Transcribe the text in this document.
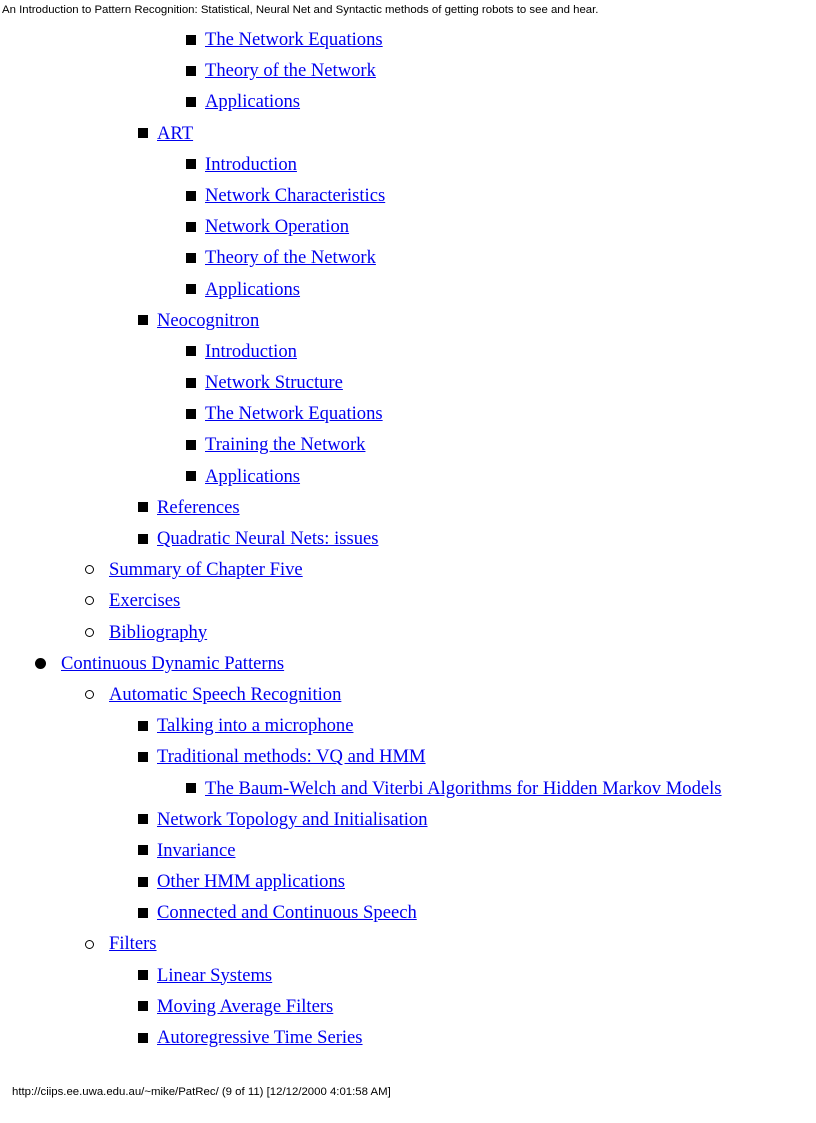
An Introduction to Pattern Recognition: Statistical, Neural Net and Syntactic methods of getting robots to see and hear.
The Network Equations
Theory of the Network
Applications
ART
Introduction
Network Characteristics
Network Operation
Theory of the Network
Applications
Neocognitron
Introduction
Network Structure
The Network Equations
Training the Network
Applications
References
Quadratic Neural Nets: issues
Summary of Chapter Five
Exercises
Bibliography
Continuous Dynamic Patterns
Automatic Speech Recognition
Talking into a microphone
Traditional methods: VQ and HMM
The Baum-Welch and Viterbi Algorithms for Hidden Markov Models
Network Topology and Initialisation
Invariance
Other HMM applications
Connected and Continuous Speech
Filters
Linear Systems
Moving Average Filters
Autoregressive Time Series
http://ciips.ee.uwa.edu.au/~mike/PatRec/ (9 of 11) [12/12/2000 4:01:58 AM]
